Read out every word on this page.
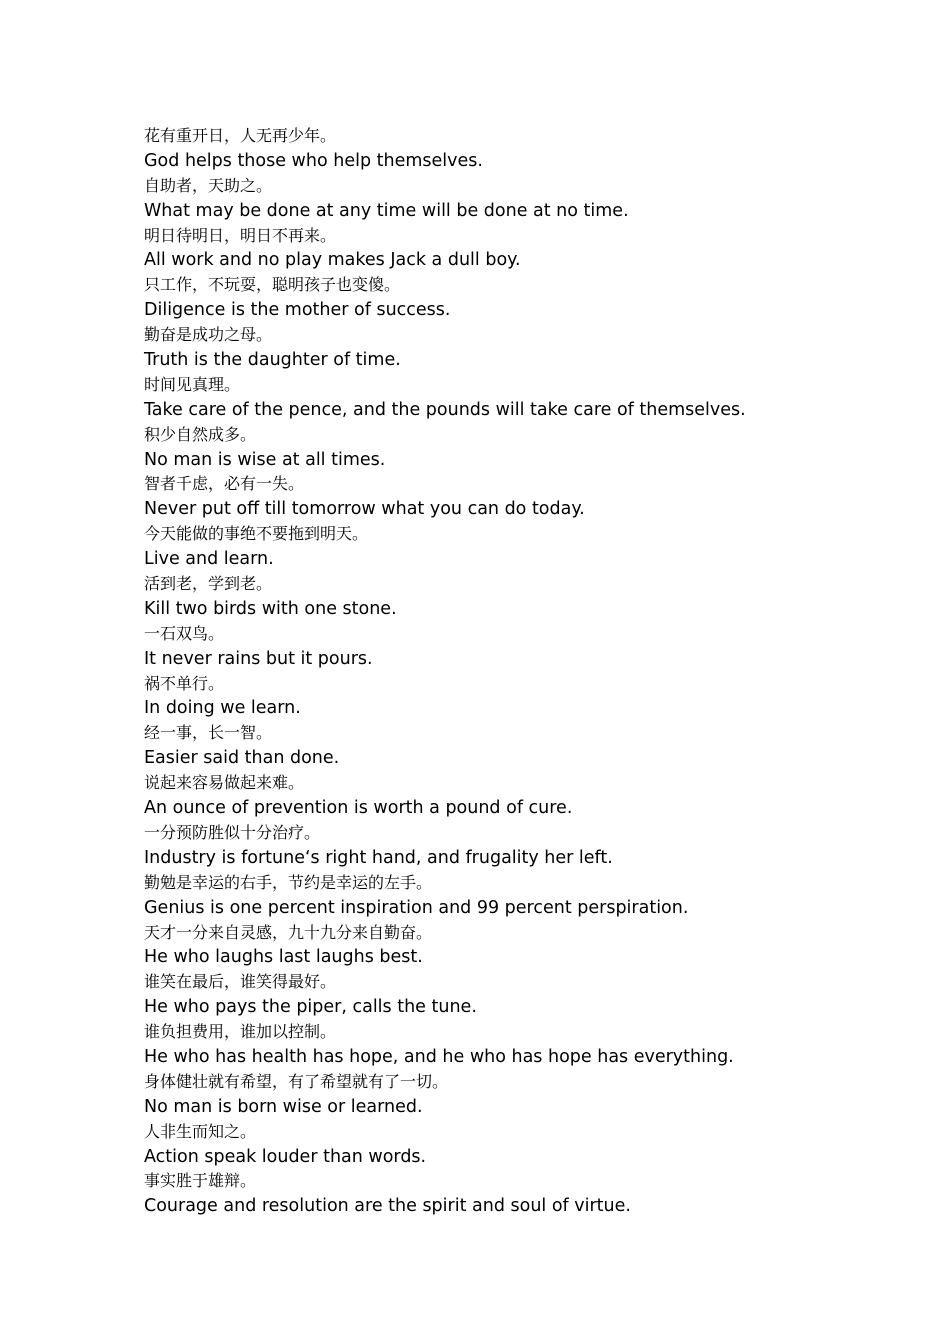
花有重开日，人无再少年。
God helps those who help themselves.
自助者，天助之。
What may be done at any time will be done at no time.
明日待明日，明日不再来。
All work and no play makes Jack a dull boy.
只工作，不玩耍，聪明孩子也变傻。
Diligence is the mother of success.
勤奋是成功之母。
Truth is the daughter of time.
时间见真理。
Take care of the pence, and the pounds will take care of themselves.
积少自然成多。
No man is wise at all times.
智者千虑，必有一失。
Never put off till tomorrow what you can do today.
今天能做的事绝不要拖到明天。
Live and learn.
活到老，学到老。
Kill two birds with one stone.
一石双鸟。
It never rains but it pours.
祸不单行。
In doing we learn.
经一事，长一智。
Easier said than done.
说起来容易做起来难。
An ounce of prevention is worth a pound of cure.
一分预防胜似十分治疗。
Industry is fortune‘s right hand, and frugality her left.
勤勉是幸运的右手，节约是幸运的左手。
Genius is one percent inspiration and 99 percent perspiration.
天才一分来自灵感，九十九分来自勤奋。
He who laughs last laughs best.
谁笑在最后，谁笑得最好。
He who pays the piper, calls the tune.
谁负担费用，谁加以控制。
He who has health has hope, and he who has hope has everything.
身体健壮就有希望，有了希望就有了一切。
No man is born wise or learned.
人非生而知之。
Action speak louder than words.
事实胜于雄辩。
Courage and resolution are the spirit and soul of virtue.
